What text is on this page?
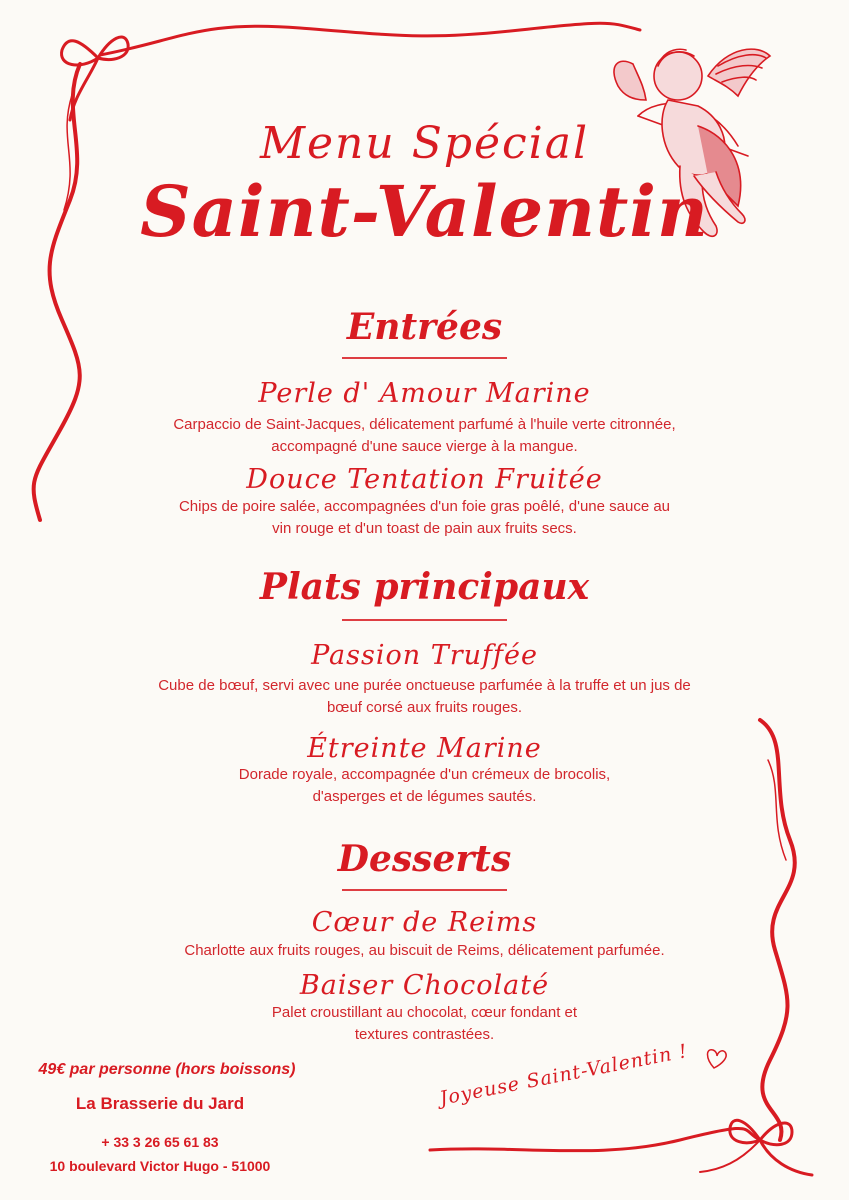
Menu Spécial
Saint-Valentin
Entrées
Perle d' Amour Marine
Carpaccio de Saint-Jacques, délicatement parfumé à l'huile verte citronnée,
accompagné d'une sauce vierge à la mangue.
Douce Tentation Fruitée
Chips de poire salée, accompagnées d'un foie gras poêlé, d'une sauce au
vin rouge et d'un toast de pain aux fruits secs.
Plats principaux
Passion Truffée
Cube de bœuf, servi avec une purée onctueuse parfumée à la truffe et un jus de
bœuf corsé aux fruits rouges.
Étreinte Marine
Dorade royale, accompagnée d'un crémeux de brocolis,
d'asperges et de légumes sautés.
Desserts
Cœur de Reims
Charlotte aux fruits rouges, au biscuit de Reims, délicatement parfumée.
Baiser Chocolaté
Palet croustillant au chocolat, cœur fondant et
textures contrastées.
49€ par personne (hors boissons)
La Brasserie du Jard
+ 33 3 26 65 61 83
10 boulevard Victor Hugo - 51000
Joyeuse Saint-Valentin !
